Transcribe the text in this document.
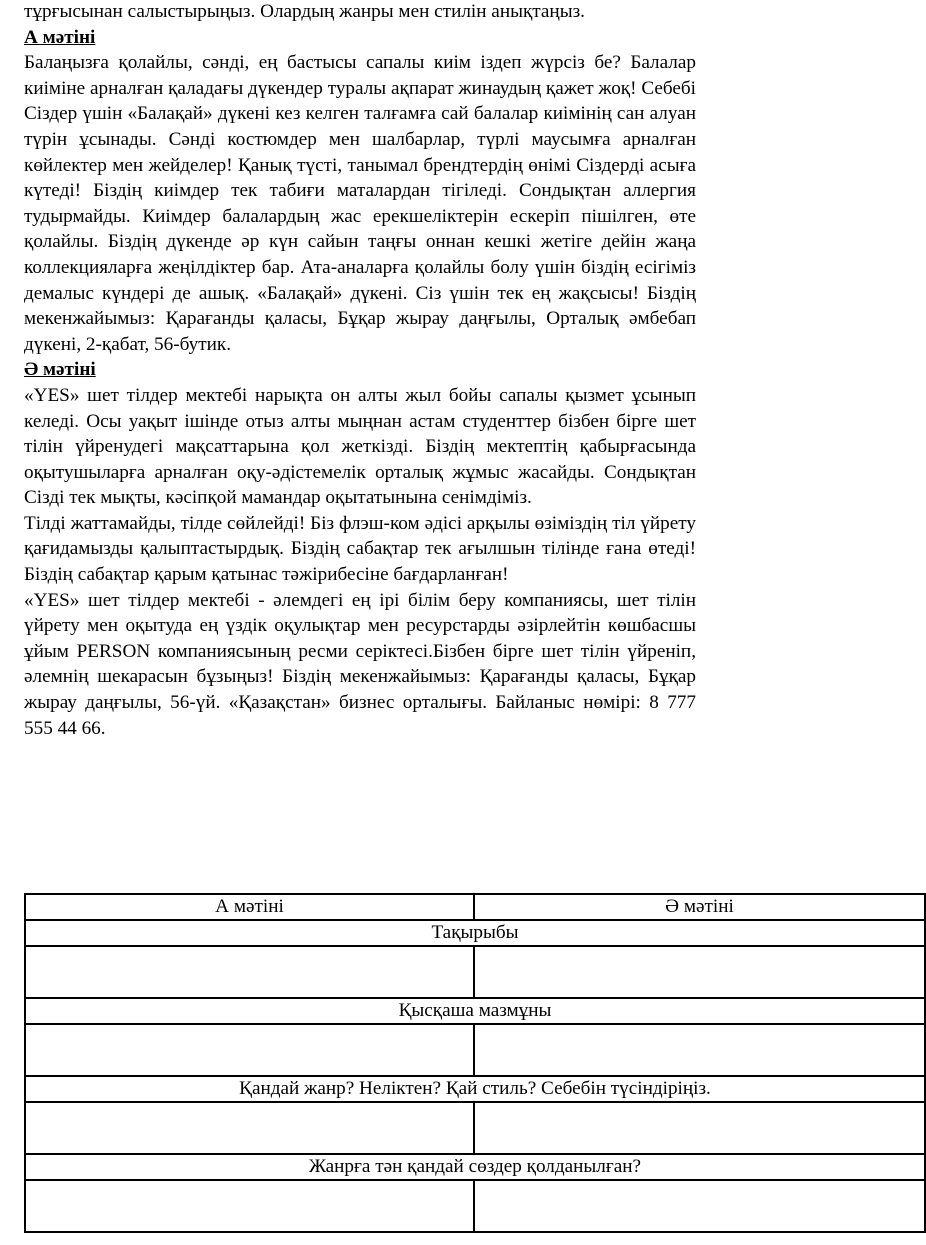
тұрғысынан салыстырыңыз. Олардың жанры мен стилін анықтаңыз.

А мәтіні

Балаңызға қолайлы, сәнді, ең бастысы сапалы киім іздеп жүрсіз бе? Балалар киіміне арналған қаладағы дүкендер туралы ақпарат жинаудың қажет жоқ! Себебі Сіздер үшін «Балақай» дүкені кез келген талғамға сай балалар киімінің сан алуан түрін ұсынады. Сәнді костюмдер мен шалбарлар, түрлі маусымға арналған көйлектер мен жейделер! Қанық түсті, танымал брендтердің өнімі Сіздерді асыға күтеді! Біздің киімдер тек табиғи маталардан тігіледі. Сондықтан аллергия тудырмайды. Киімдер балалардың жас ерекшеліктерін ескеріп пішілген, өте қолайлы. Біздің дүкенде әр күн сайын таңғы оннан кешкі жетіге дейін жаңа коллекцияларға жеңілдіктер бар. Ата-аналарға қолайлы болу үшін біздің есігіміз демалыс күндері де ашық. «Балақай» дүкені. Сіз үшін тек ең жақсысы! Біздің мекенжайымыз: Қарағанды қаласы, Бұқар жырау даңғылы, Орталық әмбебап дүкені, 2-қабат, 56-бутик.

Ә мәтіні

«YES» шет тілдер мектебі нарықта он алты жыл бойы сапалы қызмет ұсынып келеді. Осы уақыт ішінде отыз алты мыңнан астам студенттер бізбен бірге шет тілін үйренудегі мақсаттарына қол жеткізді. Біздің мектептің қабырғасында оқытушыларға арналған оқу-әдістемелік орталық жұмыс жасайды. Сондықтан Сізді тек мықты, кәсіпқой мамандар оқытатынына сенімдіміз.

Тілді жаттамайды, тілде сөйлейді! Біз флэш-ком әдісі арқылы өзіміздің тіл үйрету қағидамызды қалыптастырдық. Біздің сабақтар тек ағылшын тілінде ғана өтеді! Біздің сабақтар қарым қатынас тәжірибесіне бағдарланған!

«YES» шет тілдер мектебі - әлемдегі ең ірі білім беру компаниясы, шет тілін үйрету мен оқытуда ең үздік оқулықтар мен ресурстарды әзірлейтін көшбасшы ұйым PERSON компаниясының ресми серіктесі.Бізбен бірге шет тілін үйреніп, әлемнің шекарасын бұзыңыз! Біздің мекенжайымыз: Қарағанды қаласы, Бұқар жырау даңғылы, 56-үй. «Қазақстан» бизнес орталығы. Байланыс нөмірі: 8 777 555 44 66.

А мәтіні	Ә мәтіні
Тақырыбы	

Қысқаша мазмұны	

Қандай жанр? Неліктен? Қай стиль? Себебін түсіндіріңіз.	

Жанрға тән қандай сөздер қолданылған?	
